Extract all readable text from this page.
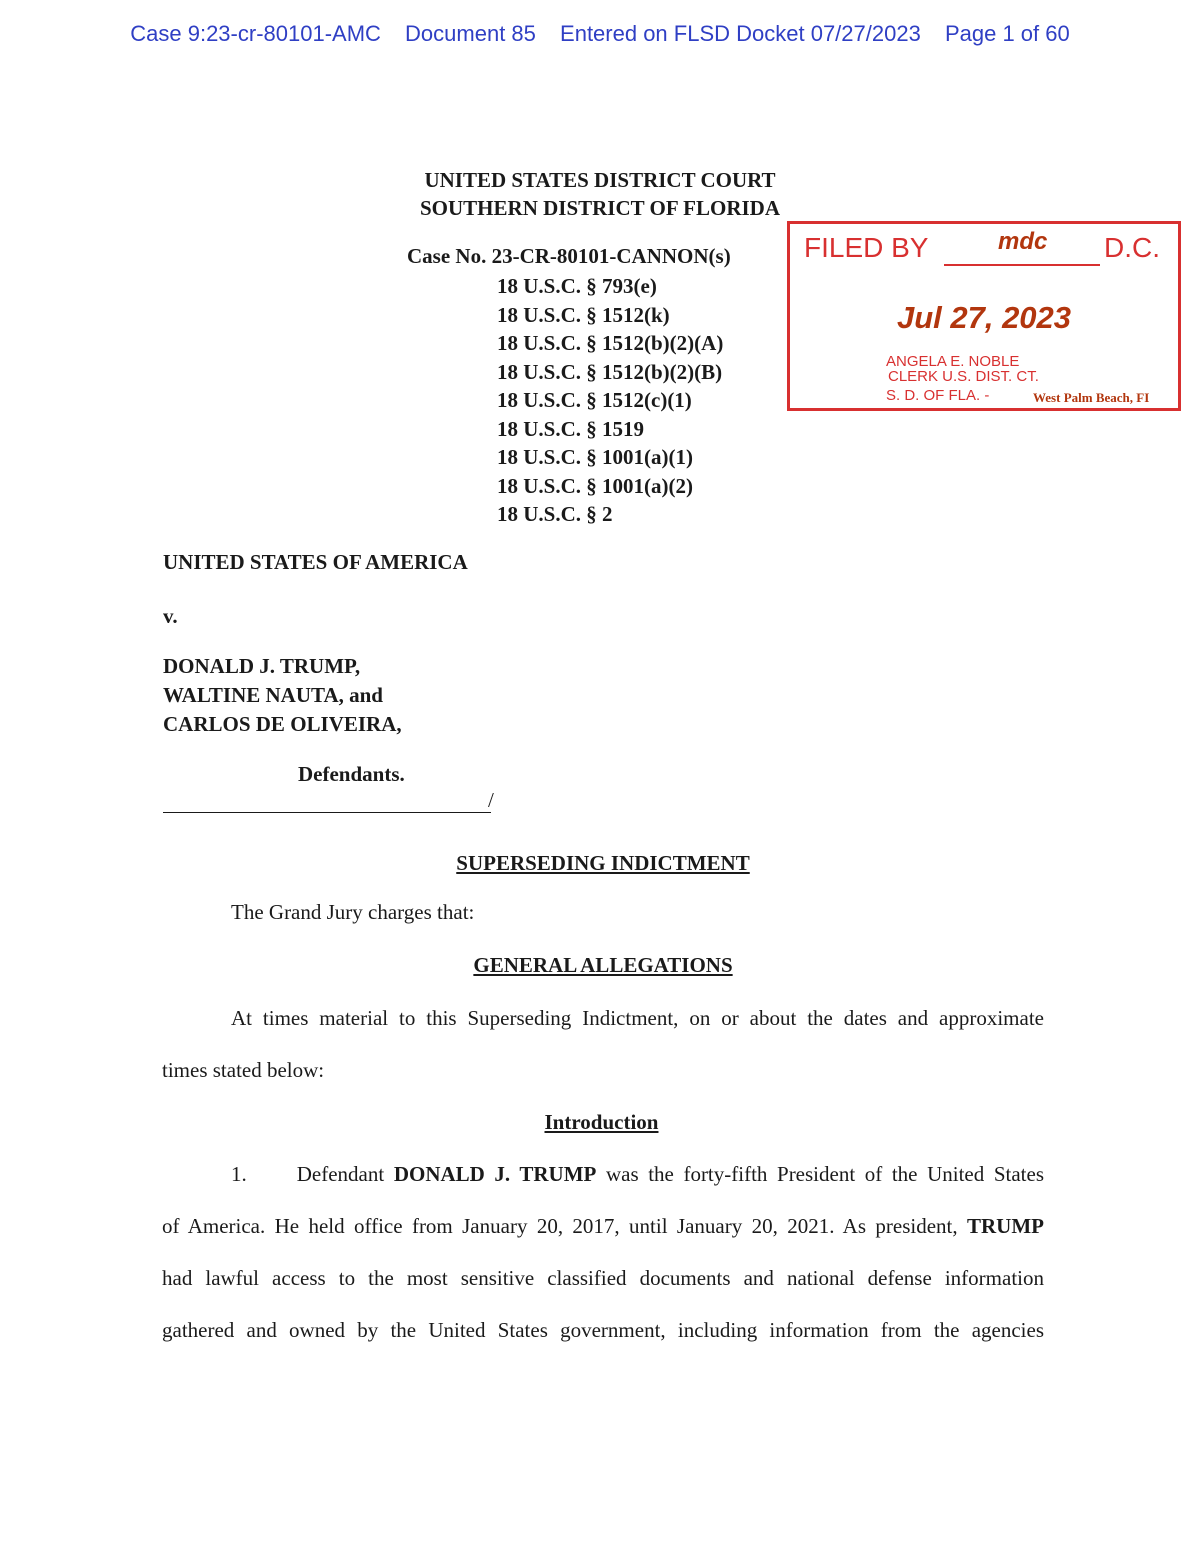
Case 9:23-cr-80101-AMC Document 85 Entered on FLSD Docket 07/27/2023 Page 1 of 60
UNITED STATES DISTRICT COURT
SOUTHERN DISTRICT OF FLORIDA
Case No. 23-CR-80101-CANNON(s)
18 U.S.C. § 793(e)
18 U.S.C. § 1512(k)
18 U.S.C. § 1512(b)(2)(A)
18 U.S.C. § 1512(b)(2)(B)
18 U.S.C. § 1512(c)(1)
18 U.S.C. § 1519
18 U.S.C. § 1001(a)(1)
18 U.S.C. § 1001(a)(2)
18 U.S.C. § 2
FILED BY	mdc D.C.
Jul 27, 2023
ANGELA E. NOBLE
CLERK U.S. DIST. CT.
S. D. OF FLA. -	West Palm Beach, FI
UNITED STATES OF AMERICA
v.
DONALD J. TRUMP,
WALTINE NAUTA, and
CARLOS DE OLIVEIRA,
Defendants.
/
SUPERSEDING INDICTMENT
The Grand Jury charges that:
GENERAL ALLEGATIONS
At times material to this Superseding Indictment, on or about the dates and approximate
times stated below:
Introduction
1. Defendant DONALD J. TRUMP was the forty-fifth President of the United States
of America. He held office from January 20, 2017, until January 20, 2021. As president, TRUMP
had lawful access to the most sensitive classified documents and national defense information
gathered and owned by the United States government, including information from the agencies
